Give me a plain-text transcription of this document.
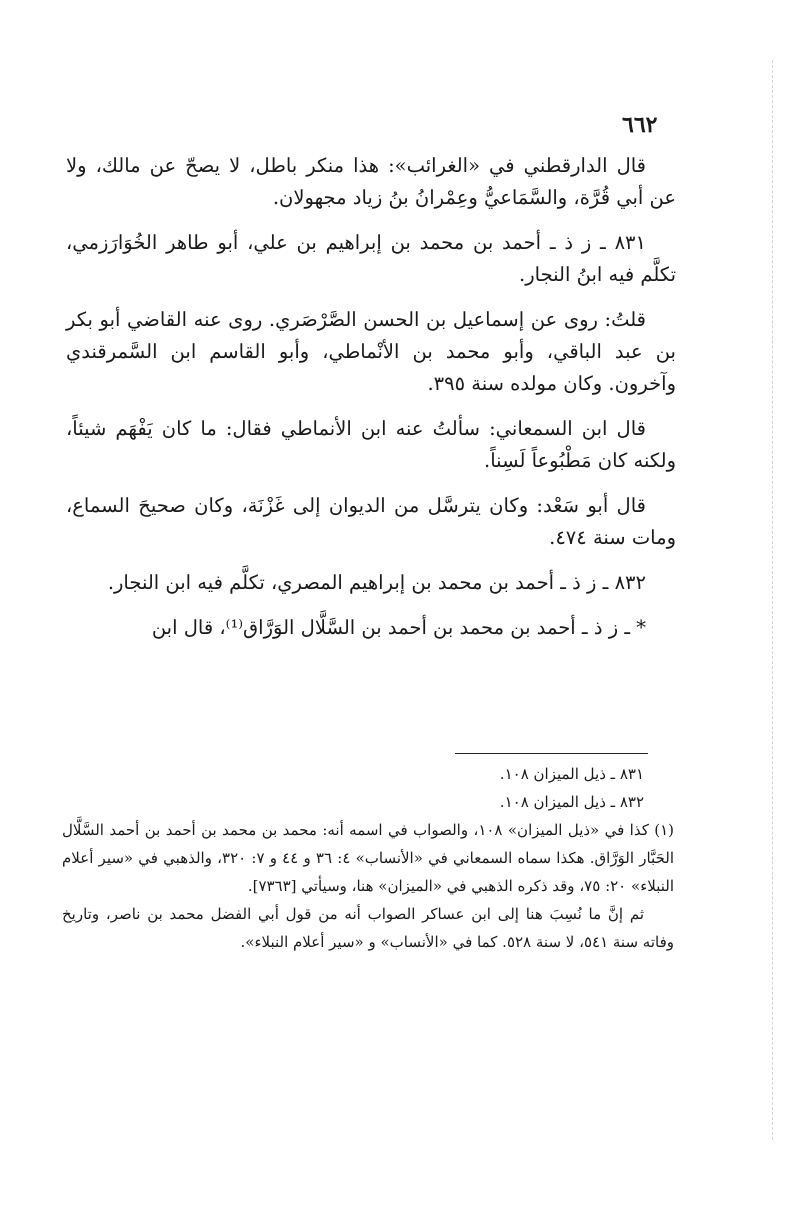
٦٦٢

قال الدارقطني في «الغرائب»: هذا منكر باطل، لا يصحّ عن مالك، ولا عن أبي قُرَّة، والسَّمَاعيُّ وعِمْرانُ بنُ زياد مجهولان.

٨٣١ ـ ز ذ ـ أحمد بن محمد بن إبراهيم بن علي، أبو طاهر الخُوَارَزمي، تكلَّم فيه ابنُ النجار.

قلتُ: روى عن إسماعيل بن الحسن الصَّرْصَري. روى عنه القاضي أبو بكر بن عبد الباقي، وأبو محمد بن الأنْماطي، وأبو القاسم ابن السَّمرقندي وآخرون. وكان مولده سنة ٣٩٥.

قال ابن السمعاني: سألتُ عنه ابن الأنماطي فقال: ما كان يَفْهَم شيئاً، ولكنه كان مَطْبُوعاً لَسِناً.

قال أبو سَعْد: وكان يترسَّل من الديوان إلى غَزْنَة، وكان صحيحَ السماع، ومات سنة ٤٧٤.

٨٣٢ ـ ز ذ ـ أحمد بن محمد بن إبراهيم المصري، تكلَّم فيه ابن النجار.

* ـ ز ذ ـ أحمد بن محمد بن أحمد بن السَّلَّال الوَرَّاق⁽¹⁾، قال ابن

٨٣١ ـ ذيل الميزان ١٠٨.

٨٣٢ ـ ذيل الميزان ١٠٨.

(١) كذا في «ذيل الميزان» ١٠٨، والصواب في اسمه أنه: محمد بن محمد بن أحمد بن أحمد السَّلَّال الحَبَّار الوَرَّاق. هكذا سماه السمعاني في «الأنساب» ٤: ٣٦ و ٤٤ و ٧: ٣٢٠، والذهبي في «سير أعلام النبلاء» ٢٠: ٧٥، وقد ذكره الذهبي في «الميزان» هنا، وسيأتي [٧٣٦٣].

ثم إنَّ ما نُسِبَ هنا إلى ابن عساكر الصواب أنه من قول أبي الفضل محمد بن ناصر، وتاريخ وفاته سنة ٥٤١، لا سنة ٥٢٨. كما في «الأنساب» و «سير أعلام النبلاء».
